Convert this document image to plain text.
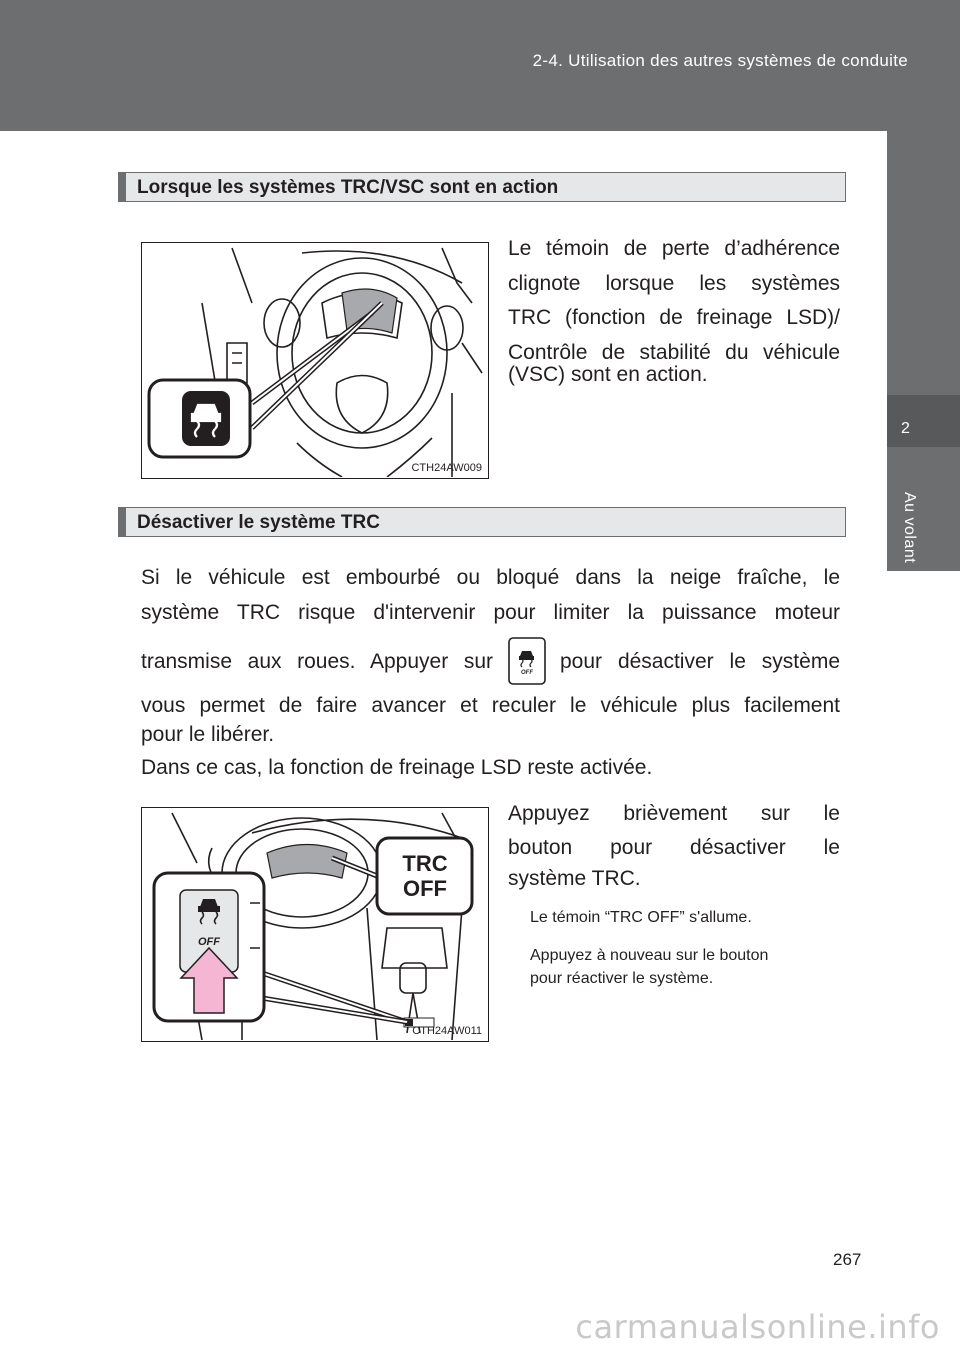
2-4. Utilisation des autres systèmes de conduite
2
Au volant
Lorsque les systèmes TRC/VSC sont en action
CTH24AW009
Le témoin de perte d’adhérence
clignote lorsque les systèmes
TRC (fonction de freinage LSD)/
Contrôle de stabilité du véhicule
(VSC) sont en action.
Désactiver le système TRC
Si le véhicule est embourbé ou bloqué dans la neige fraîche, le
système TRC risque d'intervenir pour limiter la puissance moteur
transmise aux roues. Appuyer sur	OFF pour désactiver le système
vous permet de faire avancer et reculer le véhicule plus facilement
pour le libérer.
Dans ce cas, la fonction de freinage LSD reste activée.
TRC
OFF
OFF
CTH24AW011
Appuyez brièvement sur le
bouton pour désactiver le
système TRC.
Le témoin “TRC OFF” s'allume.
Appuyez à nouveau sur le bouton
pour réactiver le système.
267
carmanualsonline.info
